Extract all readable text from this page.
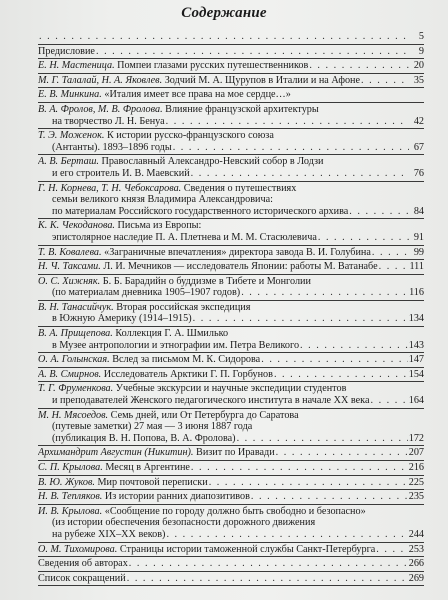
Содержание
. . .
5
Предисловие . . .	9
Е. Н. Мастеница. Помпеи глазами русских путешественников . . .	20
М. Г. Талалай, Н. А. Яковлев. Зодчий М. А. Щурупов в Италии и на Афоне . . .	35
Е. В. Минкина. «Италия имеет все права на мое сердце…»
В. А. Фролов, М. В. Фролова. Влияние французской архитектуры
на творчество Л. Н. Бенуа . . .	42
Т. Э. Моженок. К истории русско-французского союза
(Антанты). 1893–1896 годы . . .	67
А. В. Берташ. Православный Александро-Невский собор в Лодзи
и его строитель И. В. Маевский . . .	76
Г. Н. Корнева, Т. Н. Чебоксарова. Сведения о путешествиях
семьи великого князя Владимира Александровича:
по материалам Российского государственного исторического архива . . .	84
К. К. Чекоданова. Письма из Европы:
эпистолярное наследие П. А. Плетнева и М. М. Стасюлевича . . .	91
Т. В. Ковалева. «Заграничные впечатления» директора завода В. И. Голубина . . .	99
Н. Ч. Таксами. Л. И. Мечников — исследователь Японии: работы М. Ватанабе . . .	111
О. С. Хижняк. Б. Б. Барадийн о буддизме в Тибете и Монголии
(по материалам дневника 1905–1907 годов) . . .	116
В. Н. Танасийчук. Вторая российская экспедиция
в Южную Америку (1914–1915) . . .	134
В. А. Прищепова. Коллекция Г. А. Шмилько
в Музее антропологии и этнографии им. Петра Великого . . .	143
О. А. Голынская. Вслед за письмом М. К. Сидорова . . .	147
А. В. Смирнов. Исследователь Арктики Г. П. Горбунов . . .	154
Т. Г. Фруменкова. Учебные экскурсии и научные экспедиции студентов
и преподавателей Женского педагогического института в начале XX века . . .	164
М. Н. Мясоедов. Семь дней, или От Петербурга до Саратова
(путевые заметки) 27 мая — 3 июня 1887 года
(публикация В. Н. Попова, В. А. Фролова) . . .	172
Архимандрит Августин (Никитин). Визит по Иравади . . .	207
С. П. Крылова. Месяц в Аргентине . . .	216
В. Ю. Жуков. Мир почтовой переписки . . .	225
Н. В. Тепляков. Из истории ранних диапозитивов . . .	235
И. В. Крылова. «Сообщение по городу должно быть свободно и безопасно»
(из истории обеспечения безопасности дорожного движения
на рубеже XIX–XX веков) . . .	244
О. М. Тихомирова. Страницы истории таможенной службы Санкт-Петербурга . . .	253
Сведения об авторах . . .	266
Список сокращений . . .	269
